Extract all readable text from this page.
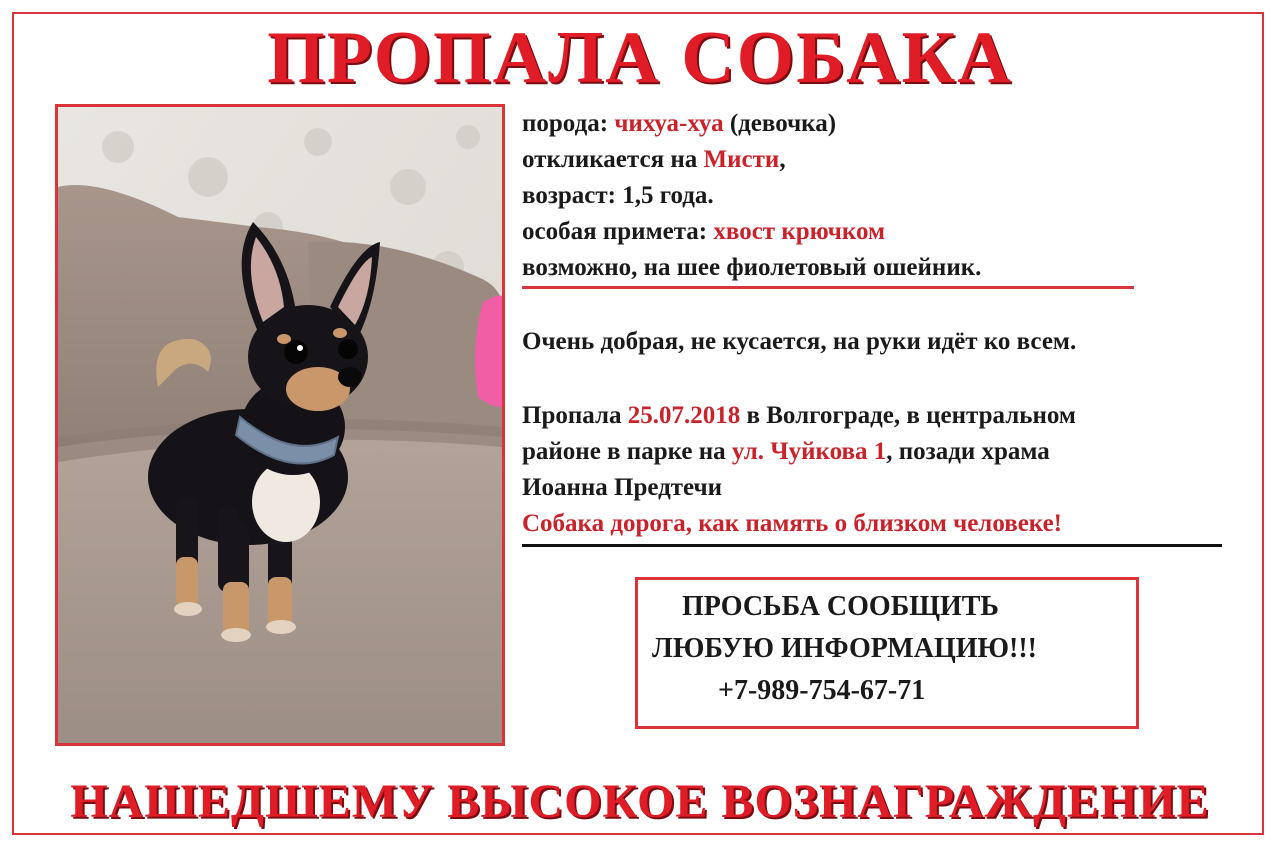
ПРОПАЛА СОБАКА
порода: чихуа-хуа (девочка)
откликается на Мисти,
возраст: 1,5 года.
особая примета: хвост крючком
возможно, на шее фиолетовый ошейник.
Очень добрая, не кусается, на руки идёт ко всем.
Пропала 25.07.2018 в Волгограде, в центральном
районе в парке на ул. Чуйкова 1, позади храма
Иоанна Предтечи
Собака дорога, как память о близком человеке!
ПРОСЬБА СООБЩИТЬ
ЛЮБУЮ ИНФОРМАЦИЮ!!!
+7-989-754-67-71
НАШЕДШЕМУ ВЫСОКОЕ ВОЗНАГРАЖДЕНИЕ
